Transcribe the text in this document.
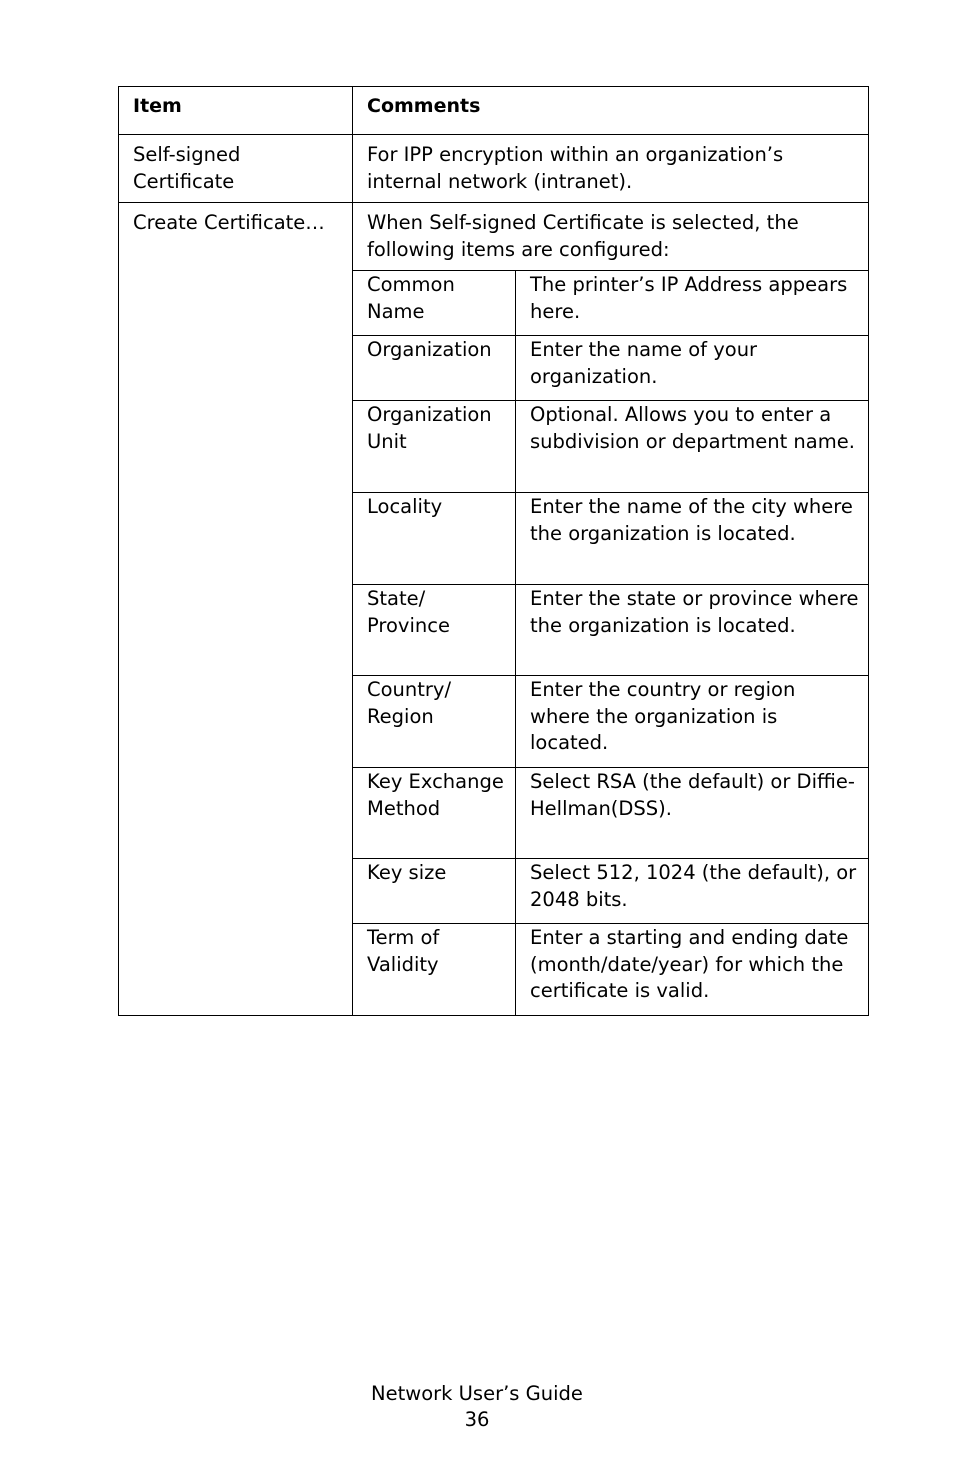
Item	Comments	
Self-signed Certificate	For IPP encryption within an organization’s internal network (intranet).	
Create Certificate…	When Self-signed Certificate is selected, the following items are configured:	
	Common Name	The printer’s IP Address appears here.
	Organization	Enter the name of your organization.
	Organization Unit	Optional. Allows you to enter a subdivision or department name.
	Locality	Enter the name of the city where the organization is located.
	State/ Province	Enter the state or province where the organization is located.
	Country/ Region	Enter the country or region where the organization is located.
	Key Exchange Method	Select RSA (the default) or Diffie-Hellman(DSS).
	Key size	Select 512, 1024 (the default), or 2048 bits.
	Term of Validity	Enter a starting and ending date (month/date/year) for which the certificate is valid.
Network User’s Guide
36
